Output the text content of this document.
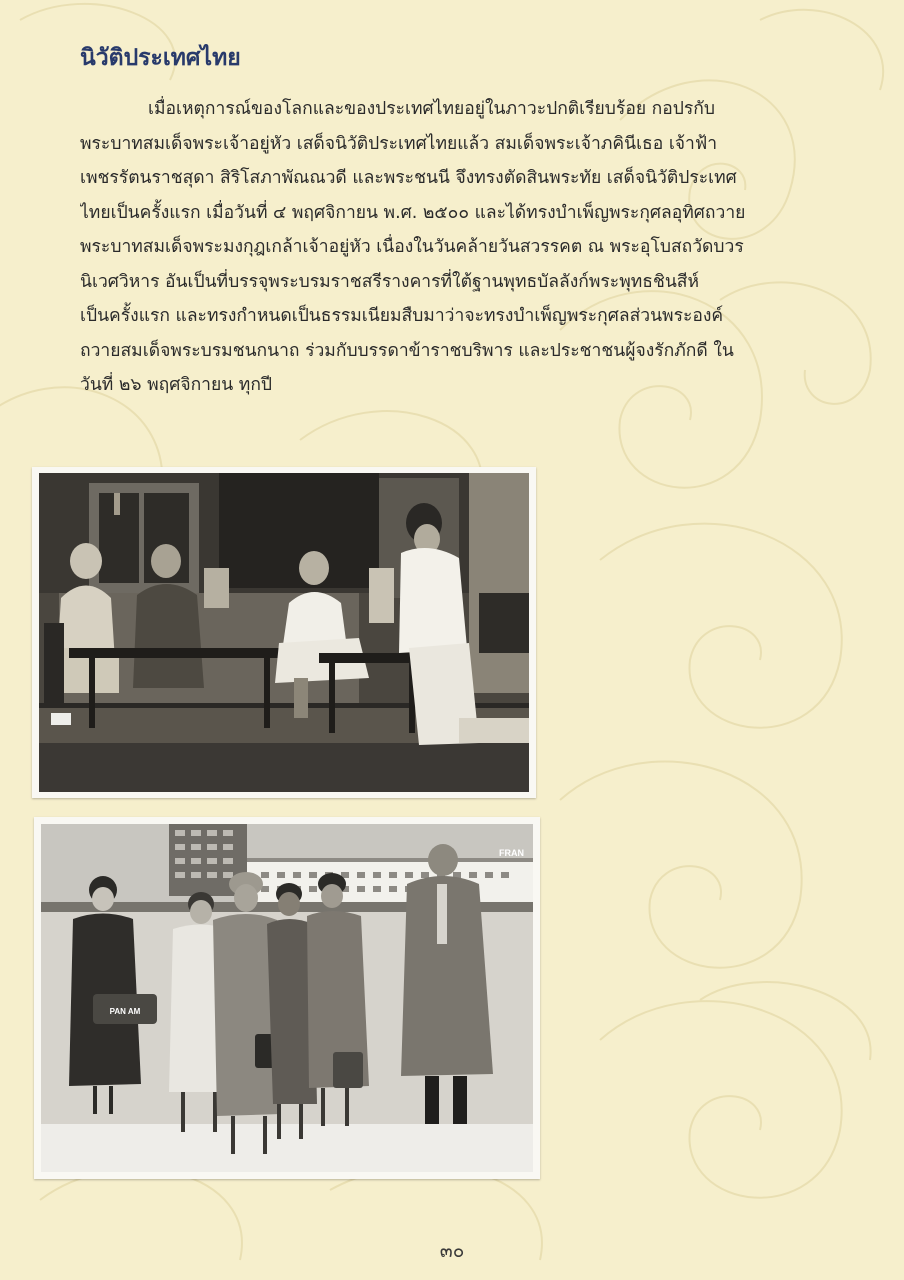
นิวัติประเทศไทย
เมื่อเหตุการณ์ของโลกและของประเทศไทยอยู่ในภาวะปกติเรียบร้อย กอปรกับ
พระบาทสมเด็จพระเจ้าอยู่หัว เสด็จนิวัติประเทศไทยแล้ว สมเด็จพระเจ้าภคินีเธอ เจ้าฟ้า
เพชรรัตนราชสุดา สิริโสภาพัณณวดี และพระชนนี จึงทรงตัดสินพระทัย เสด็จนิวัติประเทศ
ไทยเป็นครั้งแรก เมื่อวันที่ ๔ พฤศจิกายน พ.ศ. ๒๕๐๐ และได้ทรงบำเพ็ญพระกุศลอุทิศถวาย
พระบาทสมเด็จพระมงกุฎเกล้าเจ้าอยู่หัว เนื่องในวันคล้ายวันสวรรคต ณ พระอุโบสถวัดบวร
นิเวศวิหาร อันเป็นที่บรรจุพระบรมราชสรีรางคารที่ใต้ฐานพุทธบัลลังก์พระพุทธชินสีห์
เป็นครั้งแรก และทรงกำหนดเป็นธรรมเนียมสืบมาว่าจะทรงบำเพ็ญพระกุศลส่วนพระองค์
ถวายสมเด็จพระบรมชนกนาถ ร่วมกับบรรดาข้าราชบริพาร และประชาชนผู้จงรักภักดี ใน
วันที่ ๒๖ พฤศจิกายน ทุกปี
FRAN
PAN AM

๓๐
